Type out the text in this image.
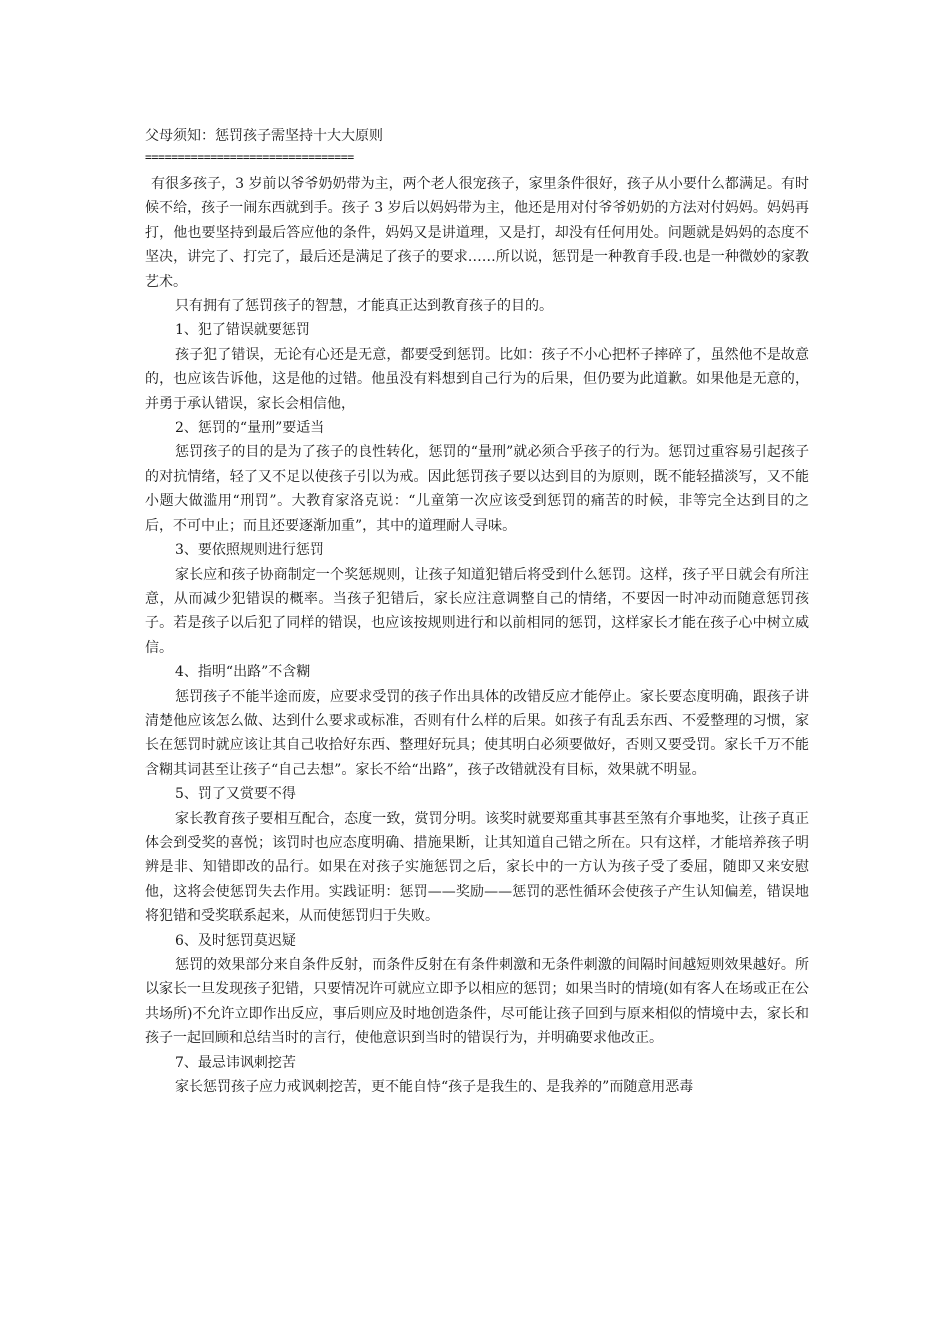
父母须知：惩罚孩子需坚持十大大原则
================================

有很多孩子，3 岁前以爷爷奶奶带为主，两个老人很宠孩子，家里条件很好，孩子从小要什么都满足。有时候不给，孩子一闹东西就到手。孩子 3 岁后以妈妈带为主，他还是用对付爷爷奶奶的方法对付妈妈。妈妈再打，他也要坚持到最后答应他的条件，妈妈又是讲道理，又是打，却没有任何用处。问题就是妈妈的态度不坚决，讲完了、打完了，最后还是满足了孩子的要求……所以说，惩罚是一种教育手段.也是一种微妙的家教艺术。

只有拥有了惩罚孩子的智慧，才能真正达到教育孩子的目的。

1、犯了错误就要惩罚

孩子犯了错误，无论有心还是无意，都要受到惩罚。比如：孩子不小心把杯子摔碎了，虽然他不是故意的，也应该告诉他，这是他的过错。他虽没有料想到自己行为的后果，但仍要为此道歉。如果他是无意的，并勇于承认错误，家长会相信他，

2、惩罚的“量刑”要适当

惩罚孩子的目的是为了孩子的良性转化，惩罚的“量刑”就必须合乎孩子的行为。惩罚过重容易引起孩子的对抗情绪，轻了又不足以使孩子引以为戒。因此惩罚孩子要以达到目的为原则，既不能轻描淡写，又不能小题大做滥用“刑罚”。大教育家洛克说：“儿童第一次应该受到惩罚的痛苦的时候，非等完全达到目的之后，不可中止；而且还要逐渐加重”，其中的道理耐人寻味。

3、要依照规则进行惩罚

家长应和孩子协商制定一个奖惩规则，让孩子知道犯错后将受到什么惩罚。这样，孩子平日就会有所注意，从而减少犯错误的概率。当孩子犯错后，家长应注意调整自己的情绪，不要因一时冲动而随意惩罚孩子。若是孩子以后犯了同样的错误，也应该按规则进行和以前相同的惩罚，这样家长才能在孩子心中树立威信。

4、指明“出路”不含糊

惩罚孩子不能半途而废，应要求受罚的孩子作出具体的改错反应才能停止。家长要态度明确，跟孩子讲清楚他应该怎么做、达到什么要求或标准，否则有什么样的后果。如孩子有乱丢东西、不爱整理的习惯，家长在惩罚时就应该让其自己收拾好东西、整理好玩具；使其明白必须要做好，否则又要受罚。家长千万不能含糊其词甚至让孩子“自己去想”。家长不给“出路”，孩子改错就没有目标，效果就不明显。

5、罚了又赏要不得

家长教育孩子要相互配合，态度一致，赏罚分明。该奖时就要郑重其事甚至煞有介事地奖，让孩子真正体会到受奖的喜悦；该罚时也应态度明确、措施果断，让其知道自己错之所在。只有这样，才能培养孩子明辨是非、知错即改的品行。如果在对孩子实施惩罚之后，家长中的一方认为孩子受了委屈，随即又来安慰他，这将会使惩罚失去作用。实践证明：惩罚——奖励——惩罚的恶性循环会使孩子产生认知偏差，错误地将犯错和受奖联系起来，从而使惩罚归于失败。

6、及时惩罚莫迟疑

惩罚的效果部分来自条件反射，而条件反射在有条件刺激和无条件刺激的间隔时间越短则效果越好。所以家长一旦发现孩子犯错，只要情况许可就应立即予以相应的惩罚；如果当时的情境(如有客人在场或正在公共场所)不允许立即作出反应，事后则应及时地创造条件，尽可能让孩子回到与原来相似的情境中去，家长和孩子一起回顾和总结当时的言行，使他意识到当时的错误行为，并明确要求他改正。

7、最忌讳讽刺挖苦

家长惩罚孩子应力戒讽刺挖苦，更不能自恃“孩子是我生的、是我养的”而随意用恶毒
